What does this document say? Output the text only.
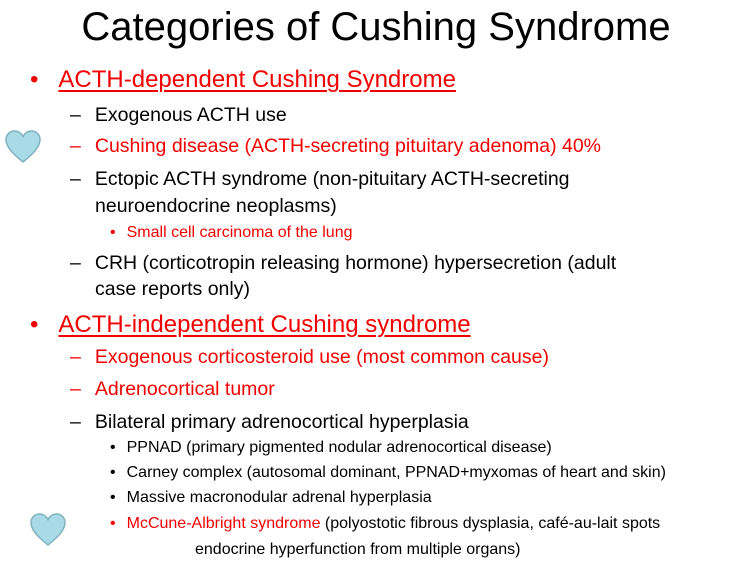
Categories of Cushing Syndrome
• ACTH-dependent Cushing Syndrome
– Exogenous ACTH use
– Cushing disease (ACTH-secreting pituitary adenoma) 40%
– Ectopic ACTH syndrome (non-pituitary ACTH-secreting
neuroendocrine neoplasms)
• Small cell carcinoma of the lung
– CRH (corticotropin releasing hormone) hypersecretion (adult
case reports only)
• ACTH-independent Cushing syndrome
– Exogenous corticosteroid use (most common cause)
– Adrenocortical tumor
– Bilateral primary adrenocortical hyperplasia
• PPNAD (primary pigmented nodular adrenocortical disease)
• Carney complex (autosomal dominant, PPNAD+myxomas of heart and skin)
• Massive macronodular adrenal hyperplasia
• McCune-Albright syndrome (polyostotic fibrous dysplasia, café-au-lait spots
endocrine hyperfunction from multiple organs)
